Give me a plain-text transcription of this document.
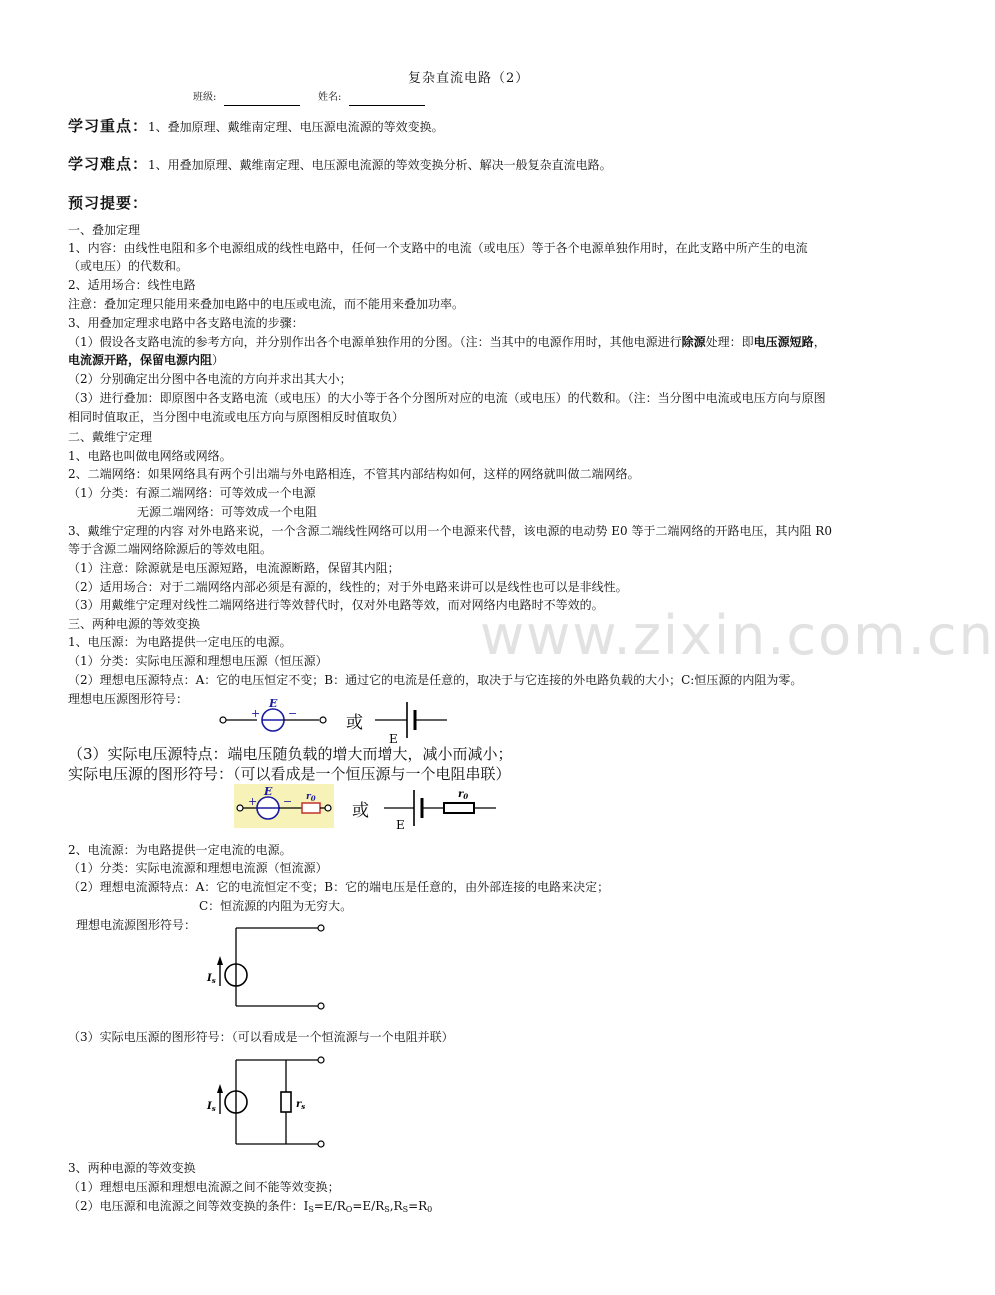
www.zixin.com.cn
复杂直流电路（2）
班级:	姓名:
学习重点：1、叠加原理、戴维南定理、电压源电流源的等效变换。
学习难点：1、用叠加原理、戴维南定理、电压源电流源的等效变换分析、解决一般复杂直流电路。
预习提要：
一、叠加定理
1、内容：由线性电阻和多个电源组成的线性电路中，任何一个支路中的电流（或电压）等于各个电源单独作用时，在此支路中所产生的电流
（或电压）的代数和。
2、适用场合：线性电路
注意：叠加定理只能用来叠加电路中的电压或电流，而不能用来叠加功率。
3、用叠加定理求电路中各支路电流的步骤：
（1）假设各支路电流的参考方向，并分别作出各个电源单独作用的分图。（注：当其中的电源作用时，其他电源进行除源处理：即电压源短路，
电流源开路，保留电源内阻）
（2）分别确定出分图中各电流的方向并求出其大小；
（3）进行叠加：即原图中各支路电流（或电压）的大小等于各个分图所对应的电流（或电压）的代数和。（注：当分图中电流或电压方向与原图
相同时值取正，当分图中电流或电压方向与原图相反时值取负）
二、戴维宁定理
1、电路也叫做电网络或网络。
2、二端网络：如果网络具有两个引出端与外电路相连，不管其内部结构如何，这样的网络就叫做二端网络。
（1）分类：有源二端网络：可等效成一个电源
无源二端网络：可等效成一个电阻
3、戴维宁定理的内容 对外电路来说，一个含源二端线性网络可以用一个电源来代替，该电源的电动势 E0 等于二端网络的开路电压，其内阻 R0
等于含源二端网络除源后的等效电阻。
（1）注意：除源就是电压源短路，电流源断路，保留其内阻；
（2）适用场合：对于二端网络内部必须是有源的，线性的；对于外电路来讲可以是线性也可以是非线性。
（3）用戴维宁定理对线性二端网络进行等效替代时，仅对外电路等效，而对网络内电路时不等效的。
三、两种电源的等效变换
1、电压源：为电路提供一定电压的电源。
（1）分类：实际电压源和理想电压源（恒压源）
（2）理想电压源特点：A：它的电压恒定不变；B：通过它的电流是任意的，取决于与它连接的外电路负载的大小；C:恒压源的内阻为零。
理想电压源图形符号：
+	−
E
或
E
（3）实际电压源特点：端电压随负载的增大而增大，减小而减小；
实际电压源的图形符号：（可以看成是一个恒压源与一个电阻串联）
+ −
E	$r_0$
或
$r_0$
E
2、电流源：为电路提供一定电流的电源。
（1）分类：实际电流源和理想电流源（恒流源）
（2）理想电流源特点：A：它的电流恒定不变；B：它的端电压是任意的，由外部连接的电路来决定；
C：恒流源的内阻为无穷大。
理想电流源图形符号：
$I_s$
（3）实际电压源的图形符号：（可以看成是一个恒流源与一个电阻并联）
$I_s$	$r_s$
3、两种电源的等效变换
（1）理想电压源和理想电流源之间不能等效变换；
（2）电压源和电流源之间等效变换的条件：$I_S=E/R_O=E/R_S,R_S=R_0$
